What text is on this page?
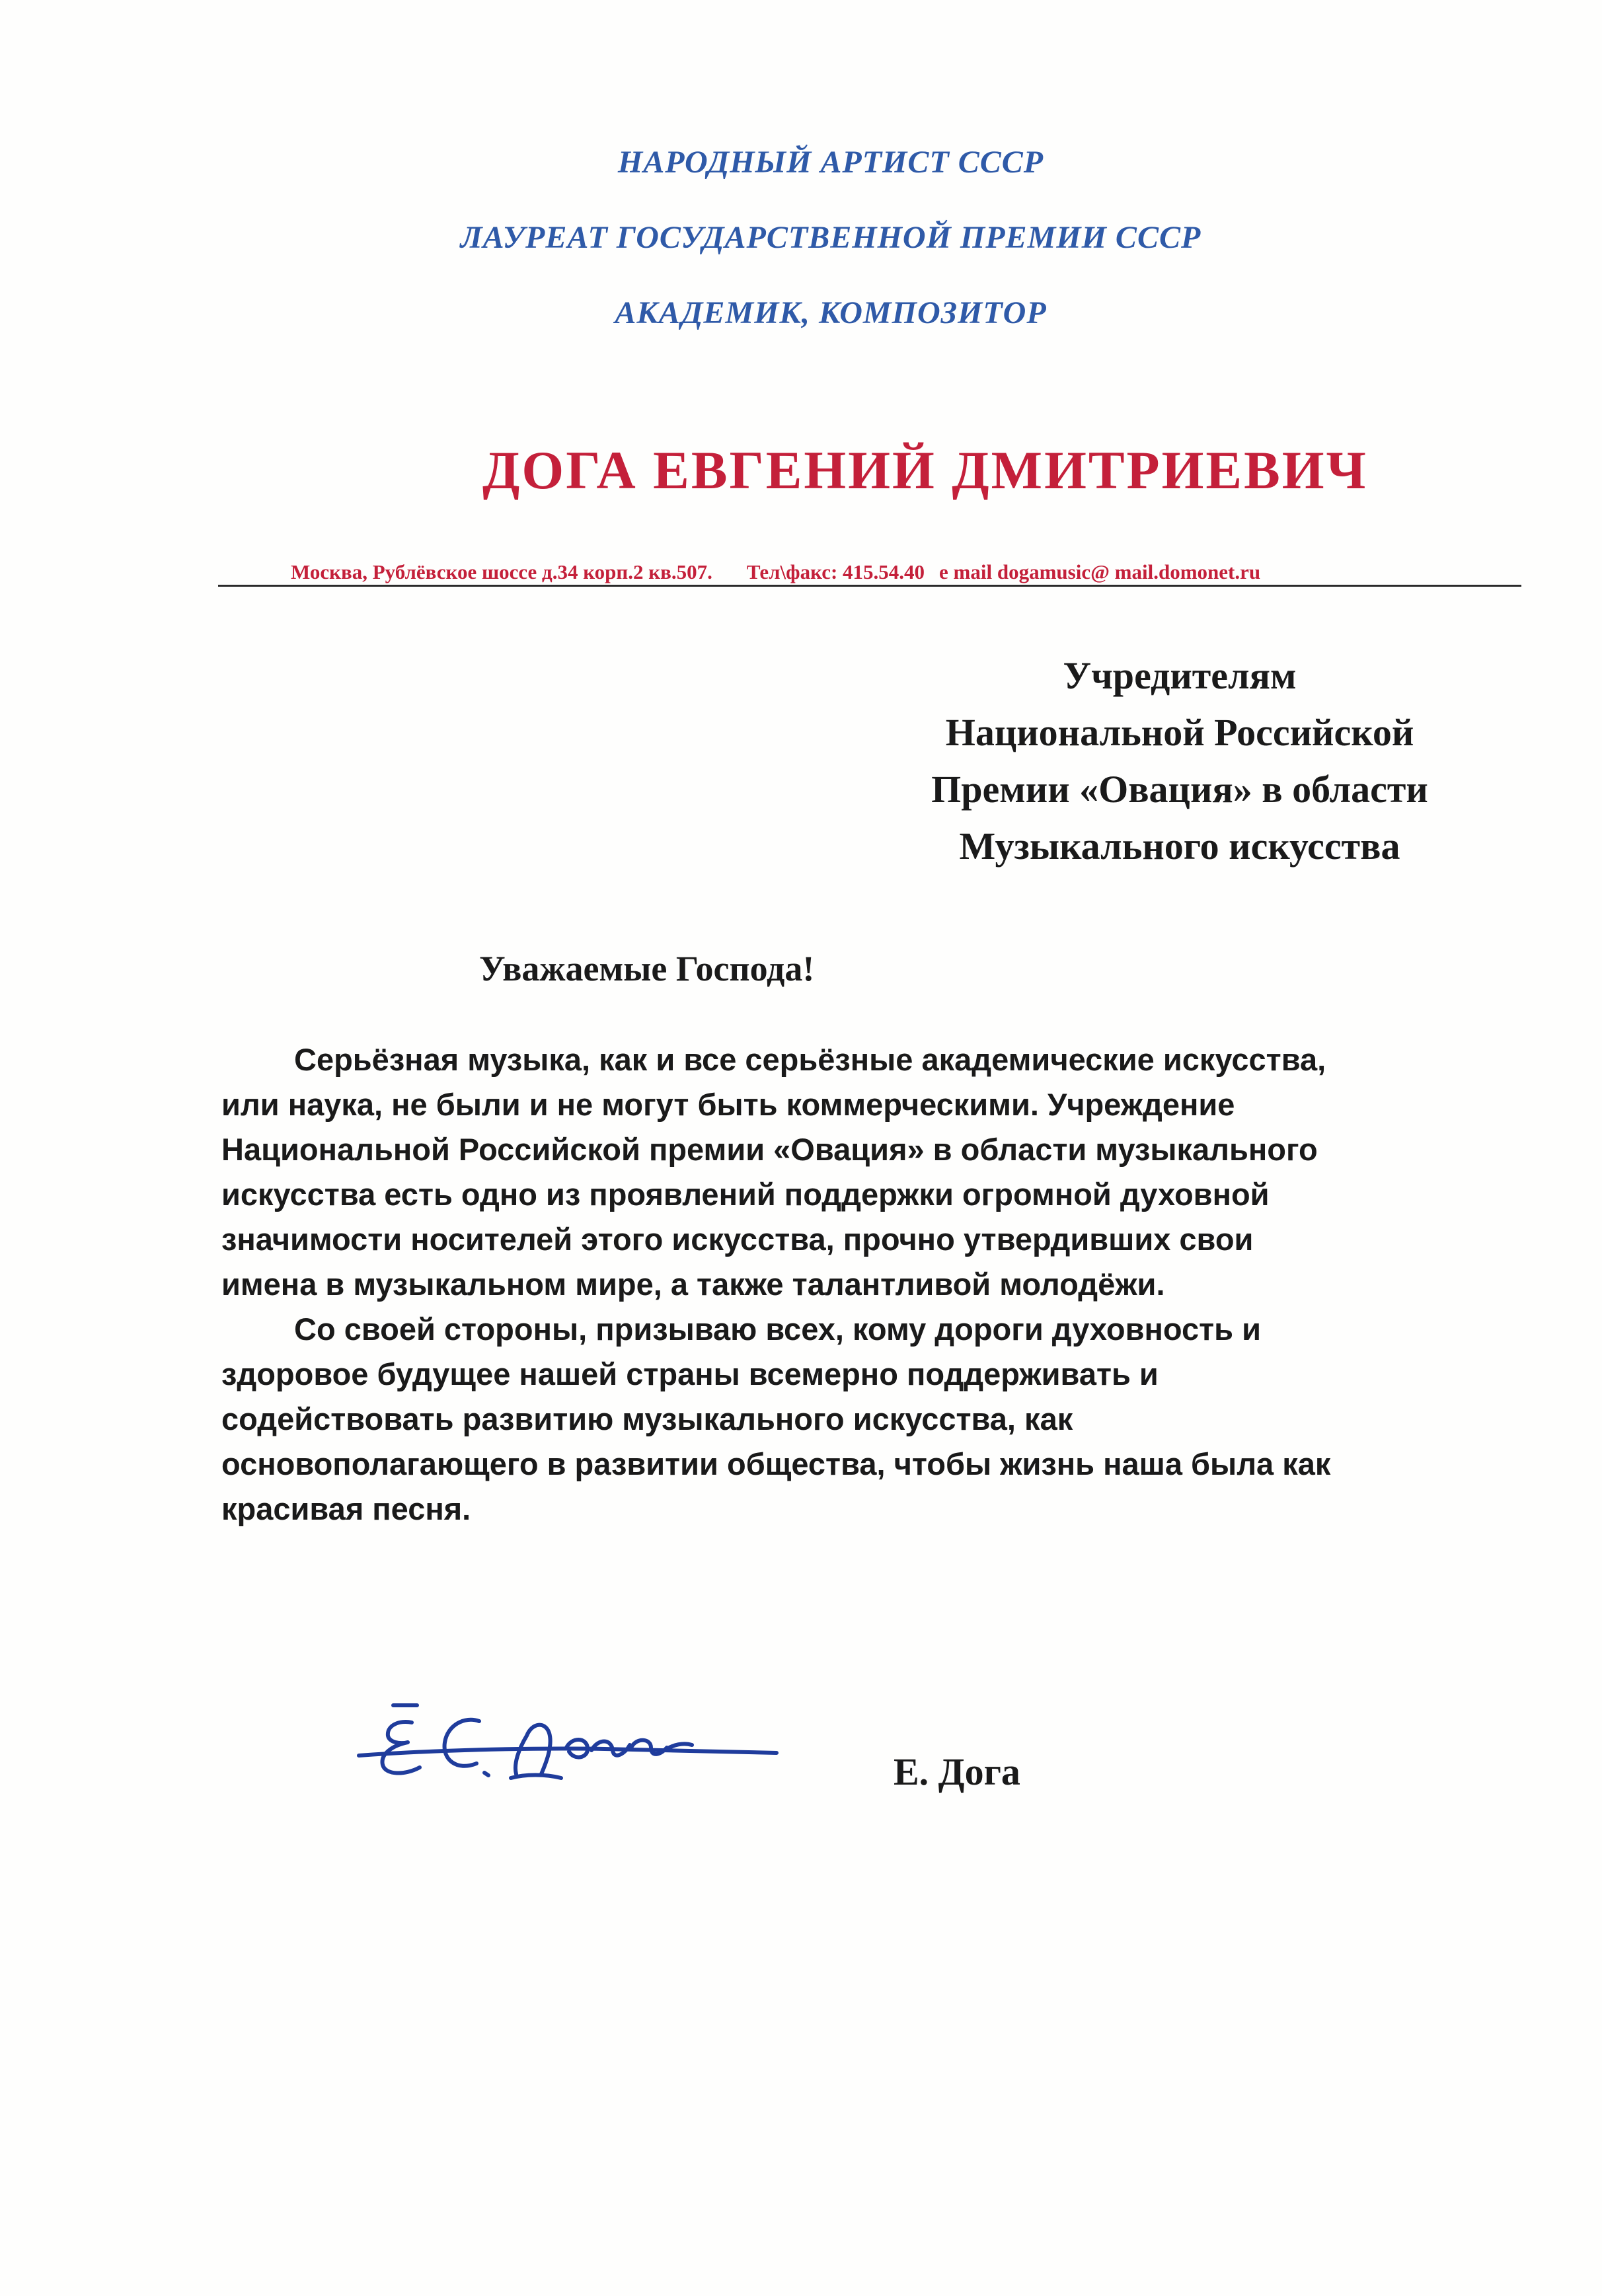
НАРОДНЫЙ АРТИСТ СССР
ЛАУРЕАТ ГОСУДАРСТВЕННОЙ ПРЕМИИ СССР
АКАДЕМИК, КОМПОЗИТОР
ДОГА ЕВГЕНИЙ ДМИТРИЕВИЧ
Москва, Рублёвское шоссе д.34 корп.2 кв.507. Тел\факс: 415.54.40 e mail dogamusic@ mail.domonet.ru
Учредителям
Национальной Российской
Премии «Овация» в области
Музыкального искусства
Уважаемые Господа!
Серьёзная музыка, как и все серьёзные академические искусства,
или наука, не были и не могут быть коммерческими. Учреждение
Национальной Российской премии «Овация» в области музыкального
искусства есть одно из проявлений поддержки огромной духовной
значимости носителей этого искусства, прочно утвердивших свои
имена в музыкальном мире, а также талантливой молодёжи.
Со своей стороны, призываю всех, кому дороги духовность и
здоровое будущее нашей страны всемерно поддерживать и
содействовать развитию музыкального искусства, как
основополагающего в развитии общества, чтобы жизнь наша была как
красивая песня.
Е. Дога
